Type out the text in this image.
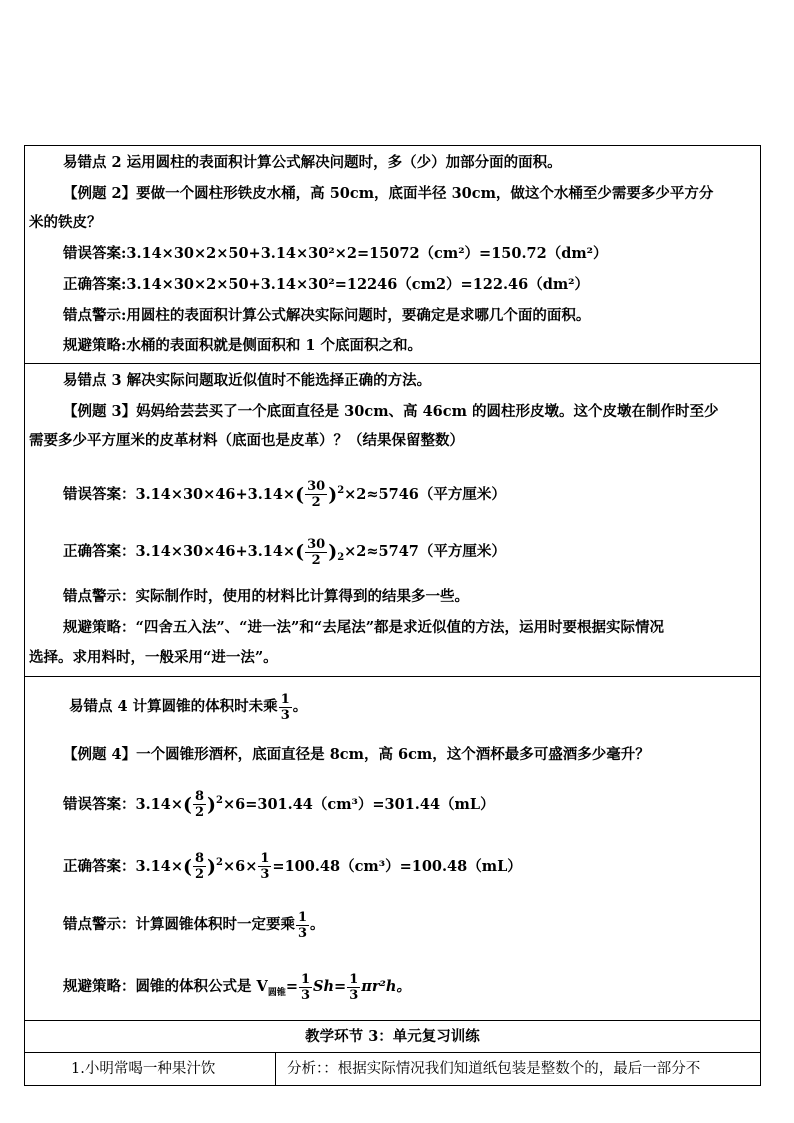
易错点 2 运用圆柱的表面积计算公式解决问题时，多（少）加部分面的面积。
【例题 2】要做一个圆柱形铁皮水桶，高 50cm，底面半径 30cm，做这个水桶至少需要多少平方分
米的铁皮？
错误答案:3.14×30×2×50+3.14×30²×2=15072（cm²）=150.72（dm²）
正确答案:3.14×30×2×50+3.14×30²=12246（cm2）=122.46（dm²）
错点警示:用圆柱的表面积计算公式解决实际问题时，要确定是求哪几个面的面积。
规避策略:水桶的表面积就是侧面积和 1 个底面积之和。
易错点 3 解决实际问题取近似值时不能选择正确的方法。
【例题 3】妈妈给芸芸买了一个底面直径是 30cm、高 46cm 的圆柱形皮墩。这个皮墩在制作时至少
需要多少平方厘米的皮革材料（底面也是皮革）？（结果保留整数）
错误答案：$3.14\times 30\times 46+3.14\times( \frac{30}{2} )^2\times 2\approx 5746$（平方厘米）
正确答案：$3.14\times 30\times 46+3.14\times( \frac{30}{2} )_2\times 2\approx 5747$（平方厘米）
错点警示：实际制作时，使用的材料比计算得到的结果多一些。
规避策略：“四舍五入法”、“进一法”和“去尾法”都是求近似值的方法，运用时要根据实际情况
选择。求用料时，一般采用“进一法”。
易错点 4 计算圆锥的体积时未乘 $\frac{1}{3}$ 。
【例题 4】一个圆锥形酒杯，底面直径是 8cm，高 6cm，这个酒杯最多可盛酒多少毫升？
错误答案：$3.14\times( \frac{8}{2} )^2\times 6=301.44(cm^3)=301.44(mL)$
正确答案：$3.14\times( \frac{8}{2} )^2\times 6\times \frac{1}{3} =100.48(cm^3)=100.48(mL)$
错点警示：计算圆锥体积时一定要乘 $\frac{1}{3}$ 。
规避策略：圆锥的体积公式是 $V_{圆锥}= \frac{1}{3} Sh= \frac{1}{3} \pi r^2h$。
教学环节 3：单元复习训练
1.小明常喝一种果汁饮	分析：：根据实际情况我们知道纸包装是整数个的，最后一部分不
